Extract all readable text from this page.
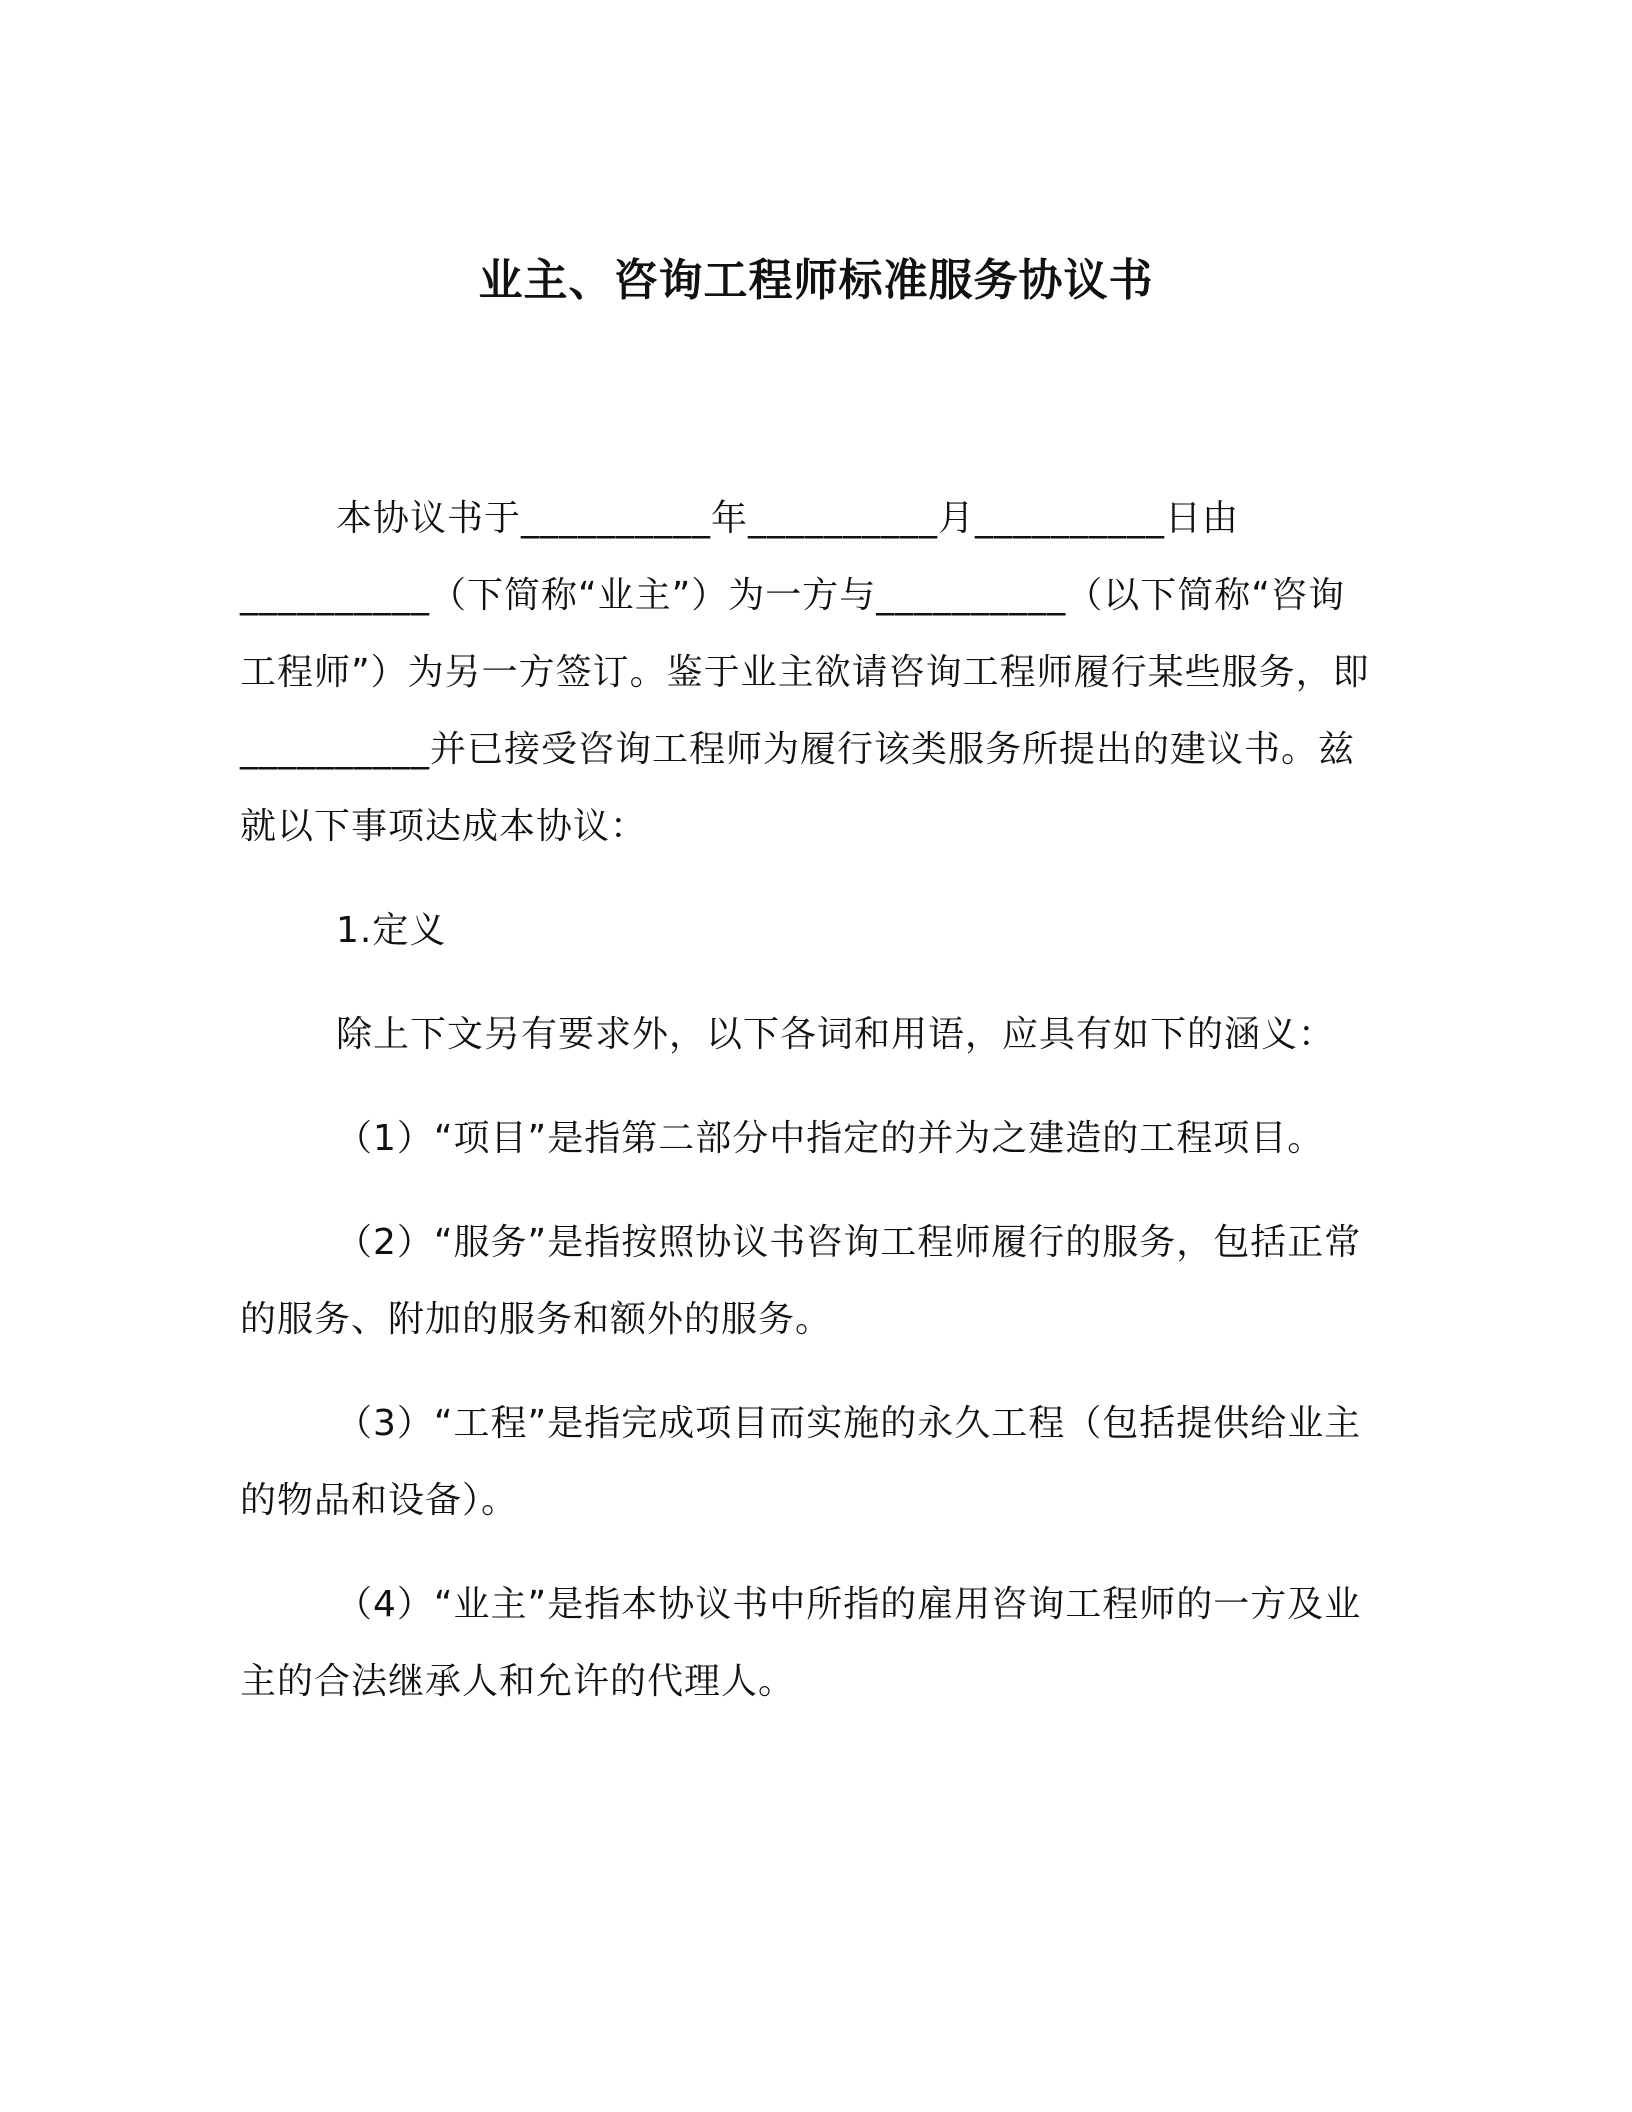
业主、咨询工程师标准服务协议书

本协议书于__________年__________月__________日由__________（下简称“业主”）为一方与__________（以下简称“咨询工程师”）为另一方签订。鉴于业主欲请咨询工程师履行某些服务，即__________并已接受咨询工程师为履行该类服务所提出的建议书。兹就以下事项达成本协议：

1.定义

除上下文另有要求外，以下各词和用语，应具有如下的涵义：

（1）“项目”是指第二部分中指定的并为之建造的工程项目。

（2）“服务”是指按照协议书咨询工程师履行的服务，包括正常的服务、附加的服务和额外的服务。

（3）“工程”是指完成项目而实施的永久工程（包括提供给业主的物品和设备）。

（4）“业主”是指本协议书中所指的雇用咨询工程师的一方及业主的合法继承人和允许的代理人。
